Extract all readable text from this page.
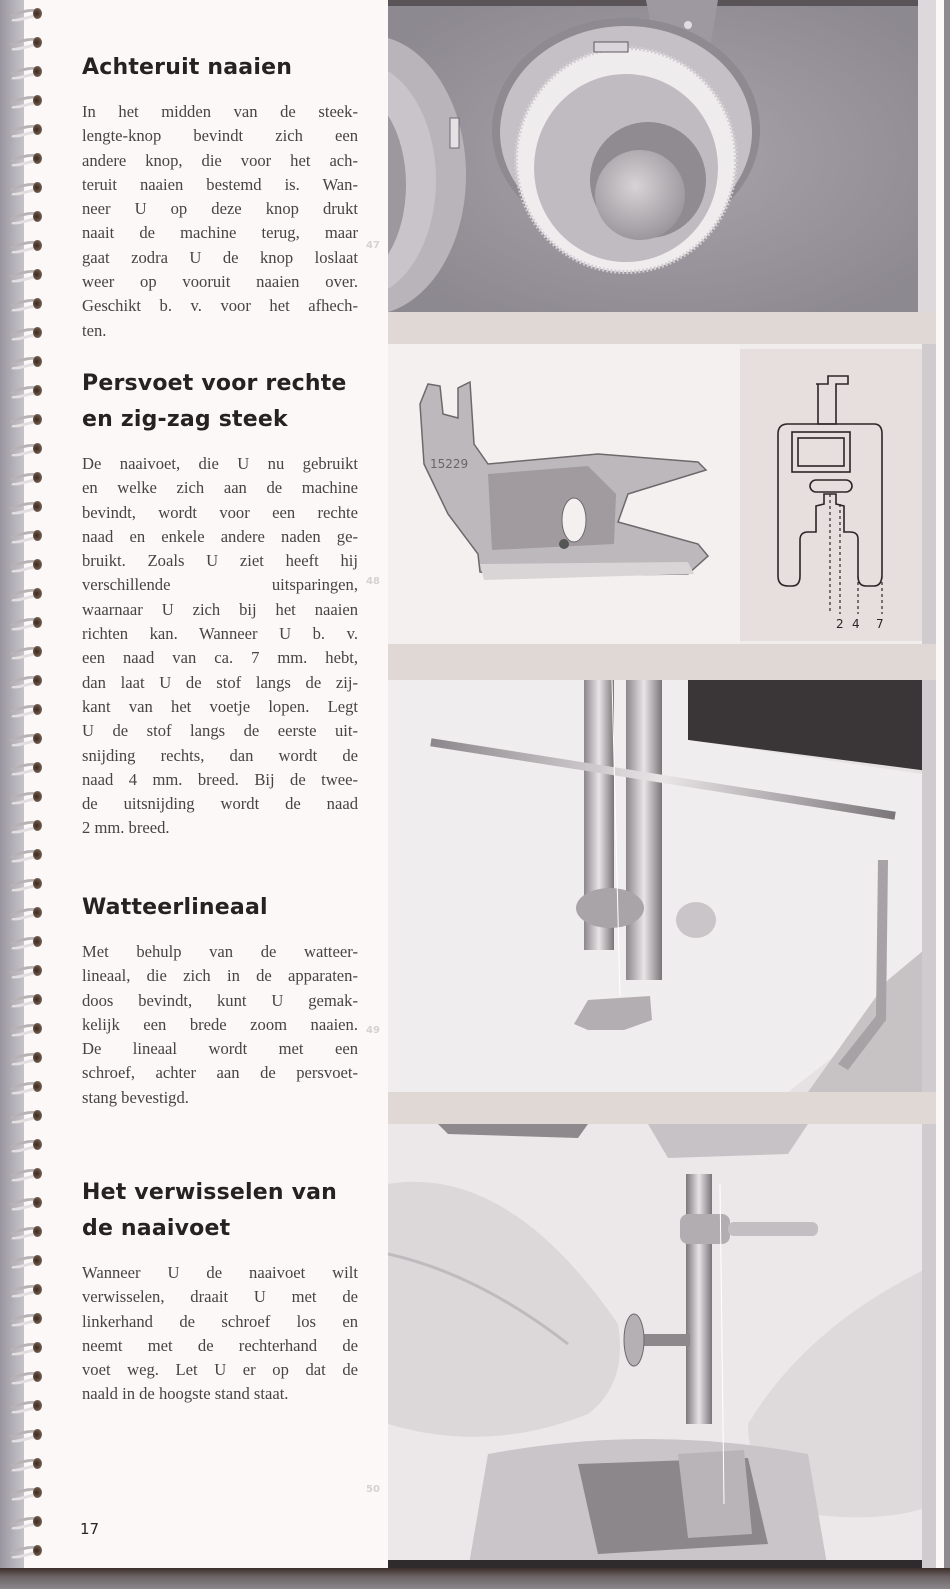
Achteruit naaien
In het midden van de steek-
lengte-knop bevindt zich een
andere knop, die voor het ach-
teruit naaien bestemd is. Wan-
neer U op deze knop drukt
naait de machine terug, maar
gaat zodra U de knop loslaat
weer op vooruit naaien over.
Geschikt b. v. voor het afhech-
ten.
Persvoet voor rechte
en zig-zag steek
De naaivoet, die U nu gebruikt
en welke zich aan de machine
bevindt, wordt voor een rechte
naad en enkele andere naden ge-
bruikt. Zoals U ziet heeft hij
verschillende uitsparingen,
waarnaar U zich bij het naaien
richten kan. Wanneer U b. v.
een naad van ca. 7 mm. hebt,
dan laat U de stof langs de zij-
kant van het voetje lopen. Legt
U de stof langs de eerste uit-
snijding rechts, dan wordt de
naad 4 mm. breed. Bij de twee-
de uitsnijding wordt de naad
2 mm. breed.
Watteerlineaal
Met behulp van de watteer-
lineaal, die zich in de apparaten-
doos bevindt, kunt U gemak-
kelijk een brede zoom naaien.
De lineaal wordt met een
schroef, achter aan de persvoet-
stang bevestigd.
Het verwisselen van
de naaivoet
Wanneer U de naaivoet wilt
verwisselen, draait U met de
linkerhand de schroef los en
neemt met de rechterhand de
voet weg. Let U er op dat de
naald in de hoogste stand staat.
17
47
48
49
50
15229
2 4 7
